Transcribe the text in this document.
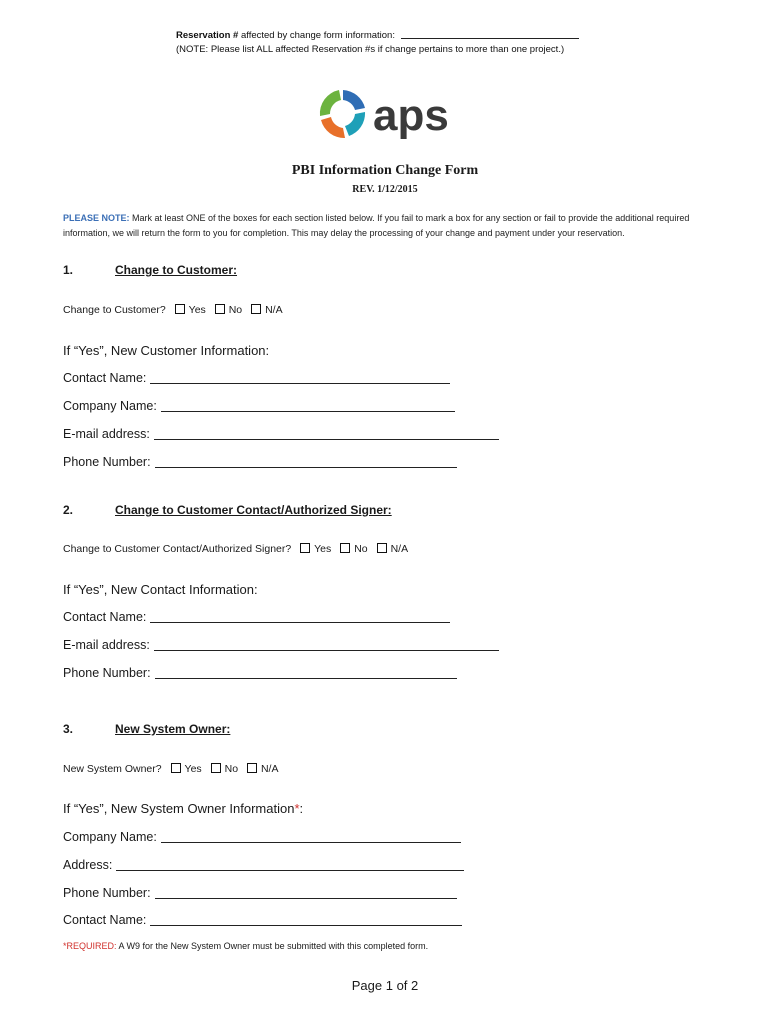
Reservation # affected by change form information:
(NOTE: Please list ALL affected Reservation #s if change pertains to more than one project.)
aps
PBI Information Change Form
REV. 1/12/2015
PLEASE NOTE: Mark at least ONE of the boxes for each section listed below. If you fail to mark a box for any section or fail to provide the additional required information, we will return the form to you for completion. This may delay the processing of your change and payment under your reservation.
1.	Change to Customer:
Change to Customer? Yes No N/A
If “Yes”, New Customer Information:
Contact Name:
Company Name:
E-mail address:
Phone Number:
2.	Change to Customer Contact/Authorized Signer:
Change to Customer Contact/Authorized Signer? Yes No N/A
If “Yes”, New Contact Information:
Contact Name:
E-mail address:
Phone Number:
3.	New System Owner:
New System Owner? Yes No N/A
If “Yes”, New System Owner Information*:
Company Name:
Address:
Phone Number:
Contact Name:
*REQUIRED: A W9 for the New System Owner must be submitted with this completed form.
Page 1 of 2
